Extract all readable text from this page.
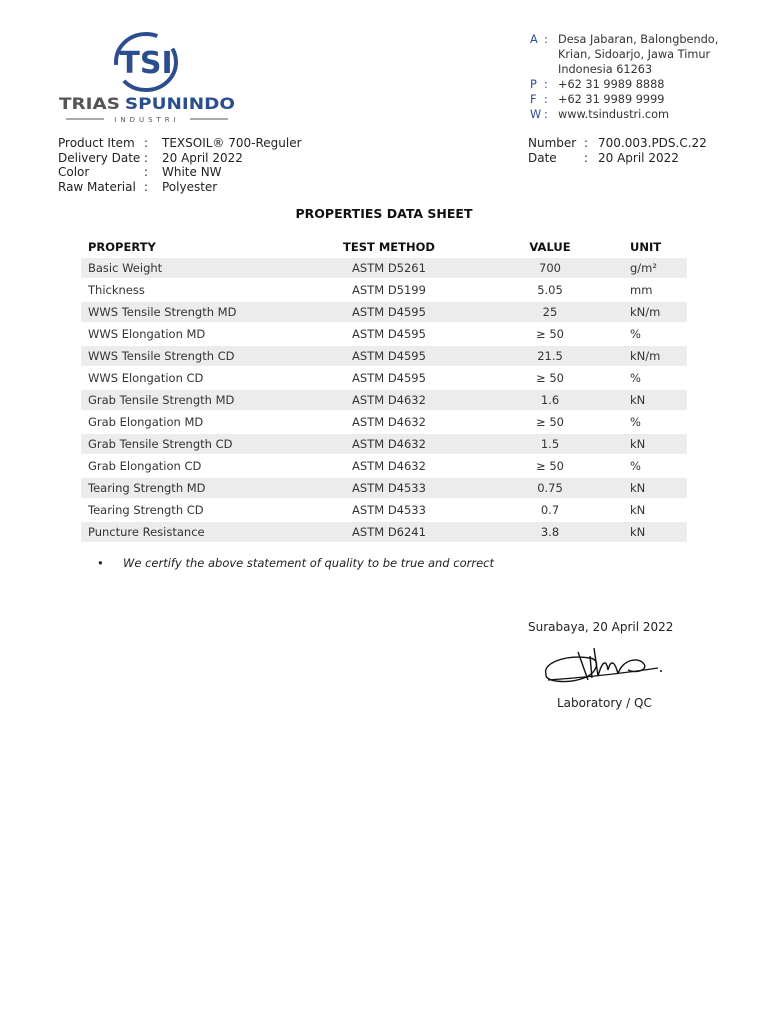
TSI
TRIAS SPUNINDO
INDUSTRI
A : Desa Jabaran, Balongbendo,
Krian, Sidoarjo, Jawa Timur
Indonesia 61263
P : +62 31 9989 8888
F : +62 31 9989 9999
W : www.tsindustri.com
Product Item :	TEXSOIL® 700-Reguler
Delivery Date :	20 April 2022
Color	:	White NW
Raw Material :	Polyester
Number : 700.003.PDS.C.22
Date	: 20 April 2022
PROPERTIES DATA SHEET
PROPERTY	TEST METHOD	VALUE	UNIT
Basic Weight	ASTM D5261	700	g/m²
Thickness	ASTM D5199	5.05	mm
WWS Tensile Strength MD	ASTM D4595	25	kN/m
WWS Elongation MD	ASTM D4595	≥ 50	%
WWS Tensile Strength CD	ASTM D4595	21.5	kN/m
WWS Elongation CD	ASTM D4595	≥ 50	%
Grab Tensile Strength MD	ASTM D4632	1.6	kN
Grab Elongation MD	ASTM D4632	≥ 50	%
Grab Tensile Strength CD	ASTM D4632	1.5	kN
Grab Elongation CD	ASTM D4632	≥ 50	%
Tearing Strength MD	ASTM D4533	0.75	kN
Tearing Strength CD	ASTM D4533	0.7	kN
Puncture Resistance	ASTM D6241	3.8	kN
•	We certify the above statement of quality to be true and correct
Surabaya, 20 April 2022
Laboratory / QC
